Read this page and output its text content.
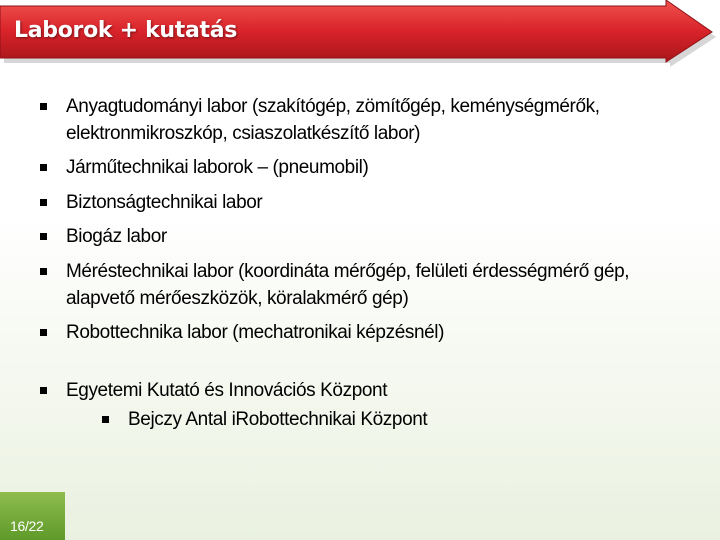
Laborok + kutatás
Anyagtudományi labor (szakítógép, zömítőgép, keménységmérők, elektronmikroszkóp, csiaszolatkészítő labor)
Járműtechnikai laborok – (pneumobil)
Biztonságtechnikai labor
Biogáz labor
Méréstechnikai labor (koordináta mérőgép, felületi érdességmérő gép, alapvető mérőeszközök, köralakmérő gép)
Robottechnika labor (mechatronikai képzésnél)
Egyetemi Kutató és Innovációs Központ
Bejczy Antal iRobottechnikai Központ
16/22
